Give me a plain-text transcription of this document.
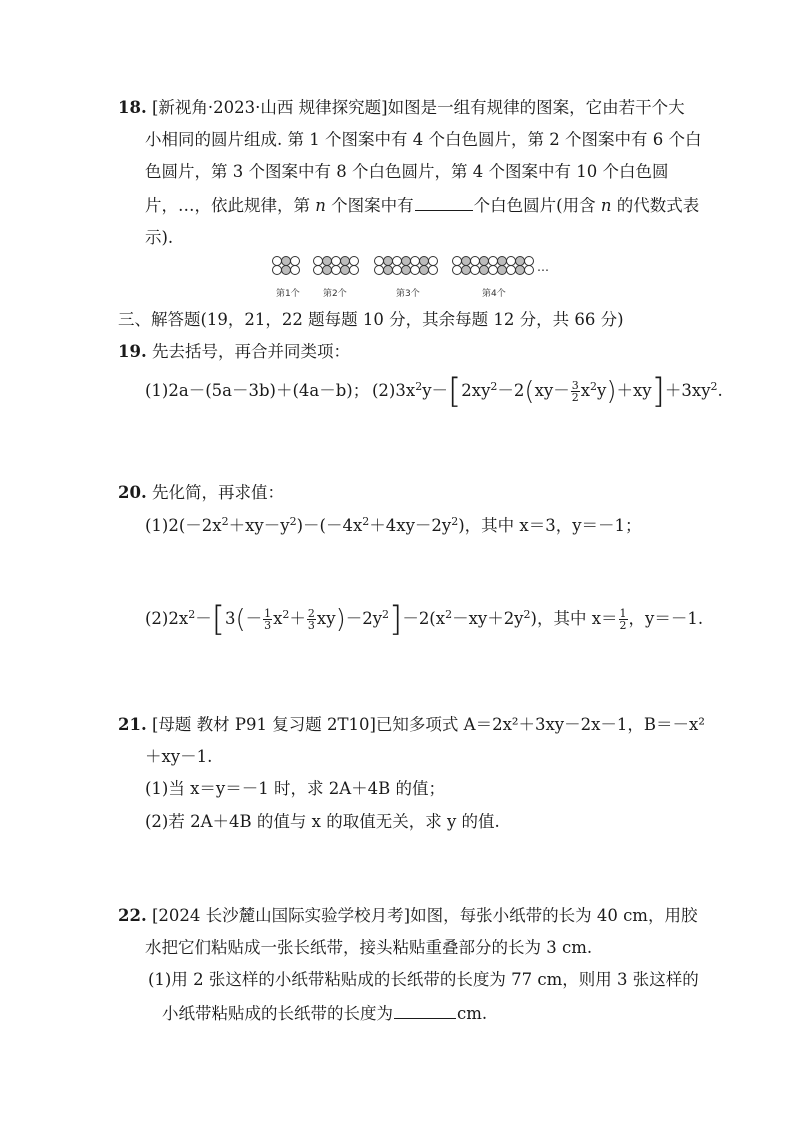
18. [新视角·2023·山西 规律探究题]如图是一组有规律的图案，它由若干个大
小相同的圆片组成. 第 1 个图案中有 4 个白色圆片，第 2 个图案中有 6 个白
色圆片，第 3 个图案中有 8 个白色圆片，第 4 个图案中有 10 个白色圆
片，…，依此规律，第 n 个图案中有	个白色圆片(用含 n 的代数式表
示).
…
第1个	第2个	第3个	第4个
三、解答题(19，21，22 题每题 10 分，其余每题 12 分，共 66 分)
19. 先去括号，再合并同类项：
(1)2a－(5a－3b)＋(4a－b)； $(2)3x^2y-[2xy^2-2(xy- \frac{3}{2} x^2y)+xy]+3xy^2$.
20. 先化简，再求值：
$(1)2(-2x^2+xy-y^2)-(-4x^2+4xy-2y^2)$，其中 x＝3，y＝－1；
$(2)2x^2-[3(- \frac{1}{3} x^2+ \frac{2}{3} xy)-2y^2]-2(x^2-xy+2y^2)$，其中 $x= \frac{1}{2}$ ，y＝－1.
21. [母题 教材 P91 复习题 2T10]已知多项式 A＝2x²＋3xy－2x－1，B＝－x²
＋xy－1.
(1)当 x＝y＝－1 时，求 2A＋4B 的值；
(2)若 2A＋4B 的值与 x 的取值无关，求 y 的值.
22. [2024 长沙麓山国际实验学校月考]如图，每张小纸带的长为 40 cm，用胶
水把它们粘贴成一张长纸带，接头粘贴重叠部分的长为 3 cm.
(1)用 2 张这样的小纸带粘贴成的长纸带的长度为 77 cm，则用 3 张这样的
小纸带粘贴成的长纸带的长度为	cm.
